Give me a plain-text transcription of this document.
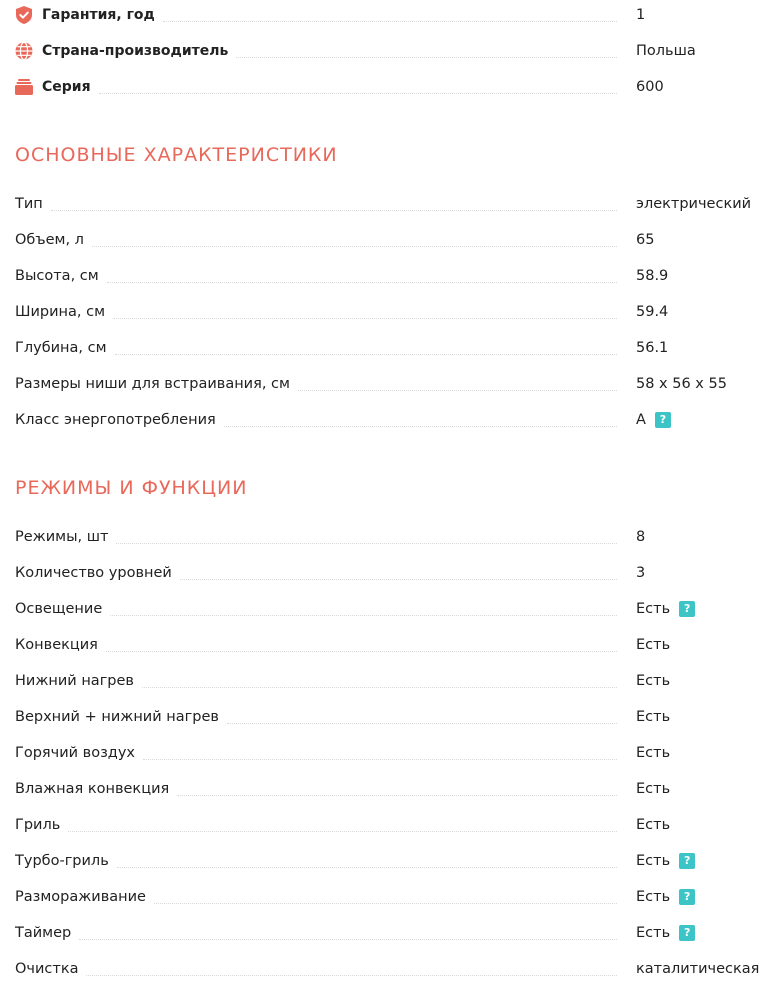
Гарантия, год	1
Страна-производитель	Польша
Серия	600
ОСНОВНЫЕ ХАРАКТЕРИСТИКИ
Тип	электрический
Объем, л	65
Высота, см	58.9
Ширина, см	59.4
Глубина, см	56.1
Размеры ниши для встраивания, см	58 x 56 x 55
Класс энергопотребления	A	?
РЕЖИМЫ И ФУНКЦИИ
Режимы, шт	8
Количество уровней	3
Освещение	Есть	?
Конвекция	Есть
Нижний нагрев	Есть
Верхний + нижний нагрев	Есть
Горячий воздух	Есть
Влажная конвекция	Есть
Гриль	Есть
Турбо-гриль	Есть	?
Размораживание	Есть	?
Таймер	Есть	?
Очистка	каталитическая
